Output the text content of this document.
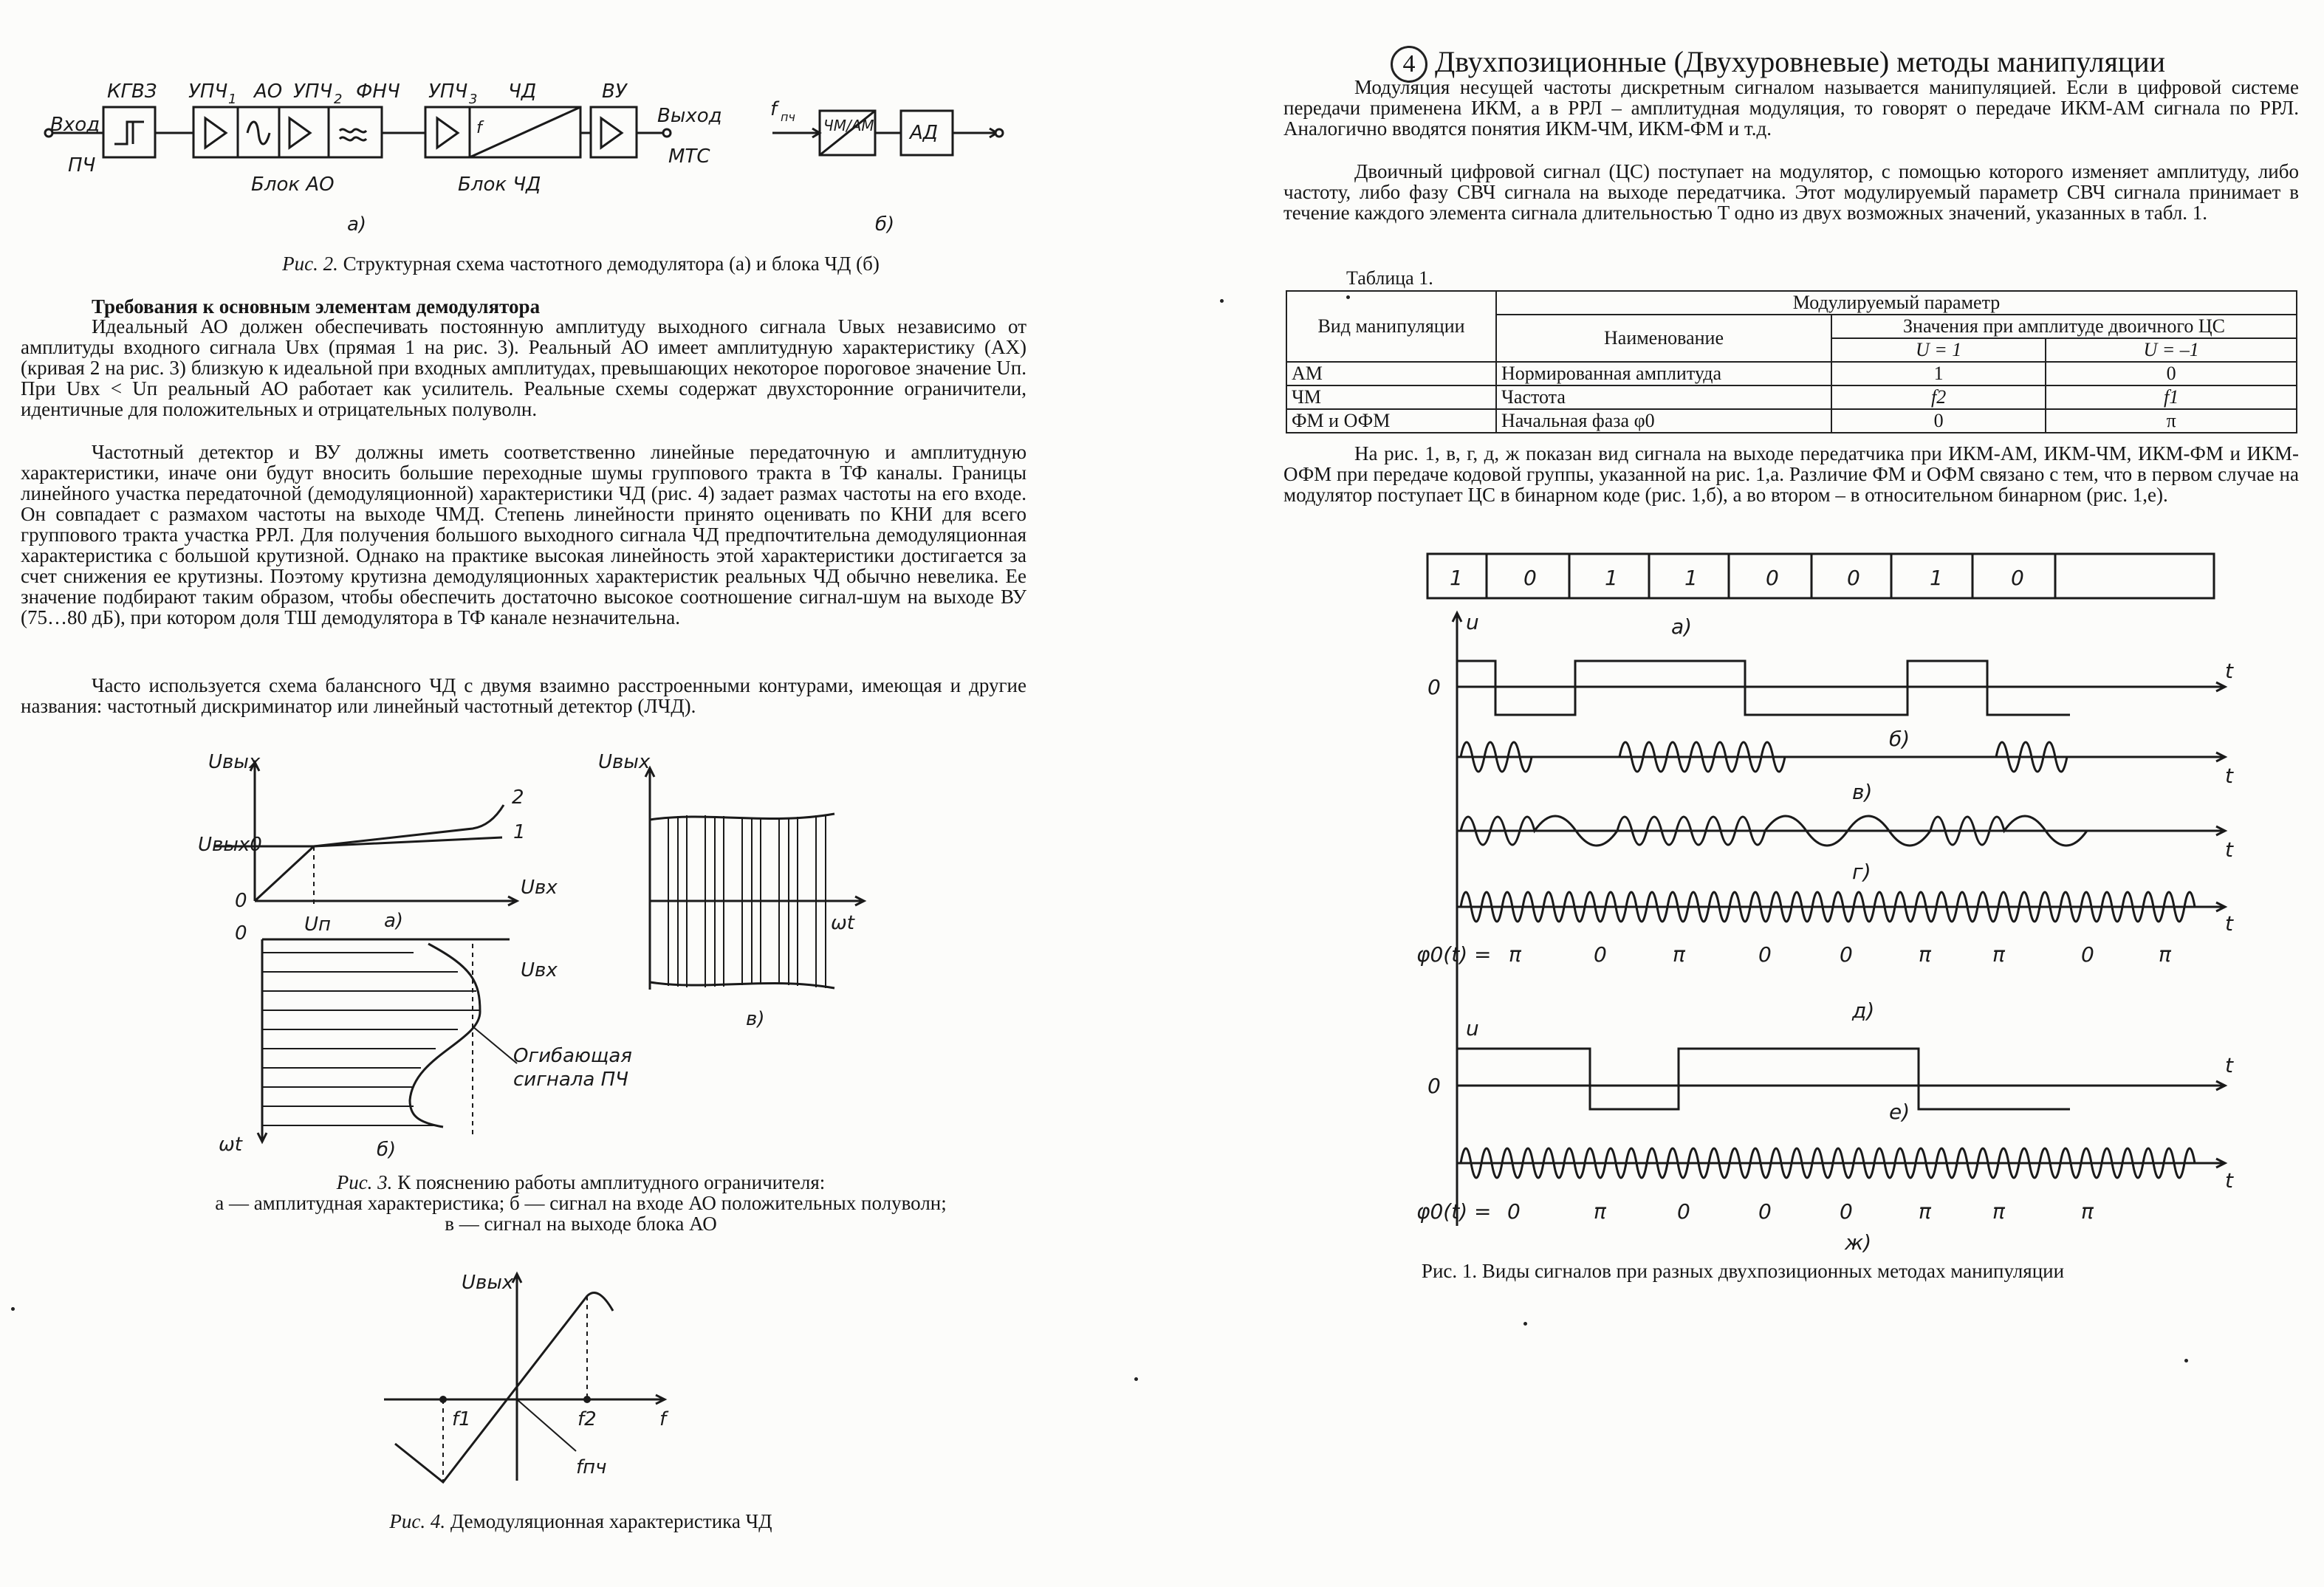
КГВЗ УПЧ 1 АО УПЧ 2 ФНЧ УПЧ 3 ЧД	ВУ
Вход
ПЧ
Выход
МТС
Блок АО	Блок ЧД
а)	б)
f
f пч ЧМ/АМ АД
Рис. 2. Структурная схема частотного демодулятора (а) и блока ЧД (б)
Требования к основным элементам демодулятора
Идеальный АО должен обеспечивать постоянную амплитуду выходного сигнала Uвых независимо от амплитуды входного сигнала Uвх (прямая 1 на рис. 3). Реальный АО имеет амплитудную характеристику (АХ) (кривая 2 на рис. 3) близкую к идеальной при входных амплитудах, превышающих некоторое пороговое значение Uп. При Uвх < Uп реальный АО работает как усилитель. Реальные схемы содержат двухсторонние ограничители, идентичные для положительных и отрицательных полуволн.
Частотный детектор и ВУ должны иметь соответственно линейные передаточную и амплитудную характеристики, иначе они будут вносить большие переходные шумы группового тракта в ТФ каналы. Границы линейного участка передаточной (демодуляционной) характеристики ЧД (рис. 4) задает размах частоты на его входе. Он совпадает с размахом частоты на выходе ЧМД. Степень линейности принято оценивать по КНИ для всего группового тракта участка РРЛ. Для получения большого выходного сигнала ЧД предпочтительна демодуляционная характеристика с большой крутизной. Однако на практике высокая линейность этой характеристики достигается за счет снижения ее крутизны. Поэтому крутизна демодуляционных характеристик реальных ЧД обычно невелика. Ее значение подбирают таким образом, чтобы обеспечить достаточно высокое соотношение сигнал-шум на выходе ВУ (75…80 дБ), при котором доля ТШ демодулятора в ТФ канале незначительна.
Часто используется схема балансного ЧД с двумя взаимно расстроенными контурами, имеющая и другие названия: частотный дискриминатор или линейный частотный детектор (ЛЧД).
Uвых
Uвых0
0
Uвх
Uп
1
2
а)
0
Uвх
ωt	б)
Огибающая
сигнала ПЧ
Uвых
ωt
в)
Рис. 3. К пояснению работы амплитудного ограничителя:
а — амплитудная характеристика; б — сигнал на входе АО положительных полуволн;
в — сигнал на выходе блока АО
Uвых
f1	f2	f
fпч
Рис. 4. Демодуляционная характеристика ЧД
4 Двухпозиционные (Двухуровневые) методы манипуляции
Модуляция несущей частоты дискретным сигналом называется манипуляцией. Если в цифровой системе передачи применена ИКМ, а в РРЛ – амплитудная модуляция, то говорят о передаче ИКМ-АМ сигнала по РРЛ. Аналогично вводятся понятия ИКМ-ЧМ, ИКМ-ФМ и т.д.
Двоичный цифровой сигнал (ЦС) поступает на модулятор, с помощью которого изменяет амплитуду, либо частоту, либо фазу СВЧ сигнала на выходе передатчика. Этот модулируемый параметр СВЧ сигнала принимает в течение каждого элемента сигнала длительностью T одно из двух возможных значений, указанных в табл. 1.
Таблица 1.
Вид манипуляции	Модулируемый параметр		
	Наименование	Значения при амплитуде двоичного ЦС	
		U = 1	U = –1
АМ	Нормированная амплитуда	1	0
ЧМ	Частота	f2	f1
ФМ и ОФМ	Начальная фаза φ0	0	π
На рис. 1, в, г, д, ж показан вид сигнала на выходе передатчика при ИКМ-АМ, ИКМ-ЧМ, ИКМ-ФМ и ИКМ-ОФМ при передаче кодовой группы, указанной на рис. 1,а. Различие ФМ и ОФМ связано с тем, что в первом случае на модулятор поступает ЦС в бинарном коде (рис. 1,б), а во втором – в относительном бинарном (рис. 1,е).
1	0	1	1	0	0	1	0
а)
u
0
t
б)
t
в)
t
г)
t
φ0(t) = π	0	π	0	0	π	π	0	π
д)
u
0
t
е)
t
φ0(t) = 0	π	0	0	0	π	π	π
ж)
Рис. 1. Виды сигналов при разных двухпозиционных методах манипуляции
